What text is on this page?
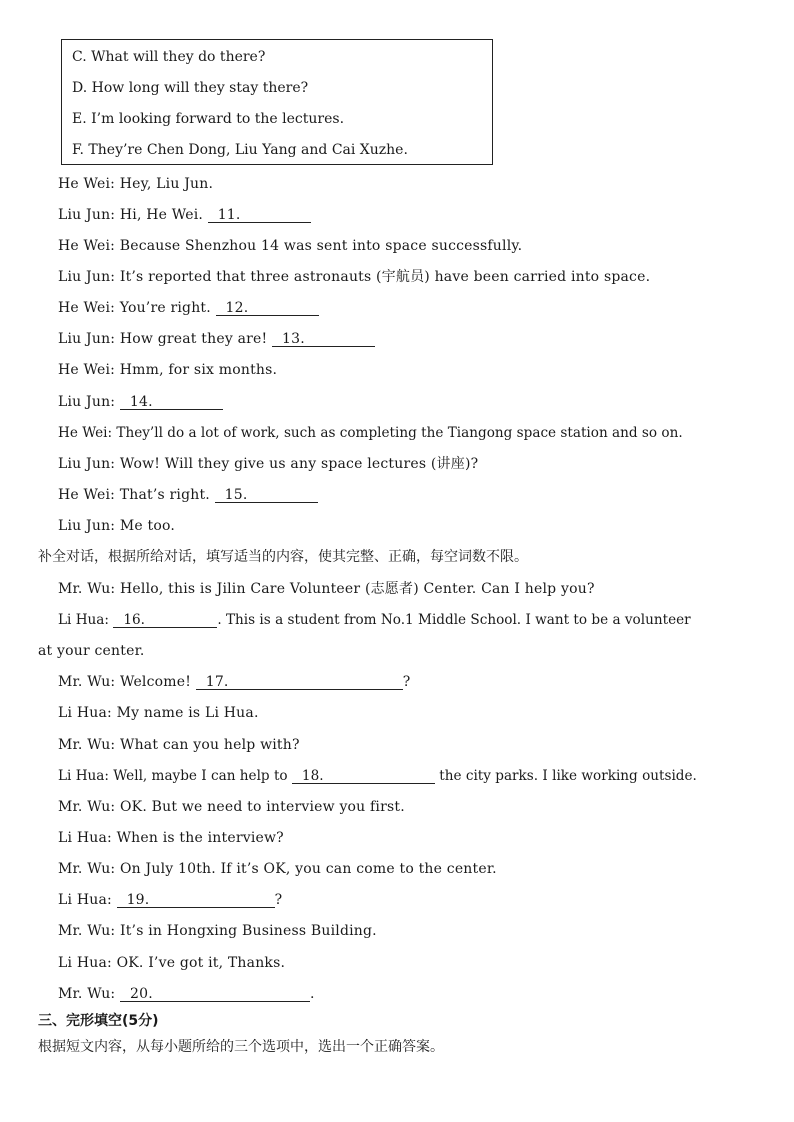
C. What will they do there?
D. How long will they stay there?
E. I’m looking forward to the lectures.
F. They’re Chen Dong, Liu Yang and Cai Xuzhe.
He Wei: Hey, Liu Jun.
Liu Jun: Hi, He Wei. 11.
He Wei: Because Shenzhou 14 was sent into space successfully.
Liu Jun: It’s reported that three astronauts (宇航员) have been carried into space.
He Wei: You’re right. 12.
Liu Jun: How great they are! 13.
He Wei: Hmm, for six months.
Liu Jun: 14.
He Wei: They’ll do a lot of work, such as completing the Tiangong space station and so on.
Liu Jun: Wow! Will they give us any space lectures (讲座)?
He Wei: That’s right. 15.
Liu Jun: Me too.
补全对话，根据所给对话，填写适当的内容，使其完整、正确，每空词数不限。
Mr. Wu: Hello, this is Jilin Care Volunteer (志愿者) Center. Can I help you?
Li Hua: 16.	. This is a student from No.1 Middle School. I want to be a volunteer
at your center.
Mr. Wu: Welcome! 17.	?
Li Hua: My name is Li Hua.
Mr. Wu: What can you help with?
Li Hua: Well, maybe I can help to 18.	the city parks. I like working outside.
Mr. Wu: OK. But we need to interview you first.
Li Hua: When is the interview?
Mr. Wu: On July 10th. If it’s OK, you can come to the center.
Li Hua: 19.	?
Mr. Wu: It’s in Hongxing Business Building.
Li Hua: OK. I’ve got it, Thanks.
Mr. Wu: 20.	.
三、完形填空(5分)
根据短文内容，从每小题所给的三个选项中，选出一个正确答案。
